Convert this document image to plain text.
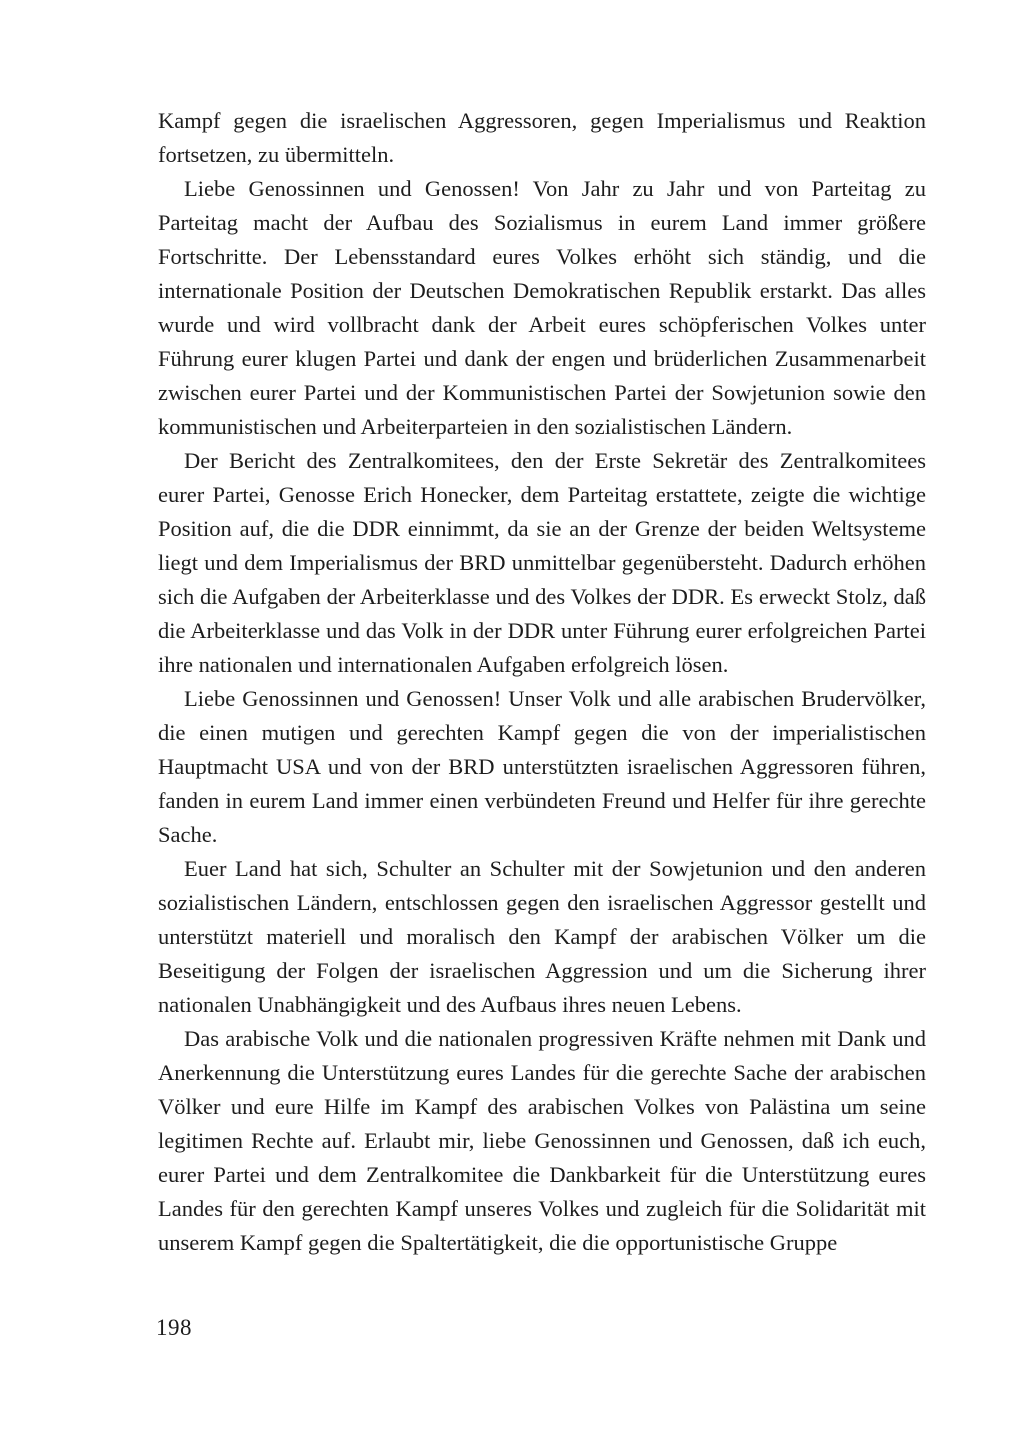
Kampf gegen die israelischen Aggressoren, gegen Imperialismus und Reaktion fortsetzen, zu übermitteln.

Liebe Genossinnen und Genossen! Von Jahr zu Jahr und von Parteitag zu Parteitag macht der Aufbau des Sozialismus in eurem Land immer größere Fortschritte. Der Lebensstandard eures Volkes erhöht sich ständig, und die internationale Position der Deutschen Demokratischen Republik erstarkt. Das alles wurde und wird vollbracht dank der Arbeit eures schöpferischen Volkes unter Führung eurer klugen Partei und dank der engen und brüderlichen Zusammenarbeit zwischen eurer Partei und der Kommunistischen Partei der Sowjetunion sowie den kommunistischen und Arbeiterparteien in den sozialistischen Ländern.

Der Bericht des Zentralkomitees, den der Erste Sekretär des Zentralkomitees eurer Partei, Genosse Erich Honecker, dem Parteitag erstattete, zeigte die wichtige Position auf, die die DDR einnimmt, da sie an der Grenze der beiden Weltsysteme liegt und dem Imperialismus der BRD unmittelbar gegenübersteht. Dadurch erhöhen sich die Aufgaben der Arbeiterklasse und des Volkes der DDR. Es erweckt Stolz, daß die Arbeiterklasse und das Volk in der DDR unter Führung eurer erfolgreichen Partei ihre nationalen und internationalen Aufgaben erfolgreich lösen.

Liebe Genossinnen und Genossen! Unser Volk und alle arabischen Brudervölker, die einen mutigen und gerechten Kampf gegen die von der imperialistischen Hauptmacht USA und von der BRD unterstützten israelischen Aggressoren führen, fanden in eurem Land immer einen verbündeten Freund und Helfer für ihre gerechte Sache.

Euer Land hat sich, Schulter an Schulter mit der Sowjetunion und den anderen sozialistischen Ländern, entschlossen gegen den israelischen Aggressor gestellt und unterstützt materiell und moralisch den Kampf der arabischen Völker um die Beseitigung der Folgen der israelischen Aggression und um die Sicherung ihrer nationalen Unabhängigkeit und des Aufbaus ihres neuen Lebens.

Das arabische Volk und die nationalen progressiven Kräfte nehmen mit Dank und Anerkennung die Unterstützung eures Landes für die gerechte Sache der arabischen Völker und eure Hilfe im Kampf des arabischen Volkes von Palästina um seine legitimen Rechte auf. Erlaubt mir, liebe Genossinnen und Genossen, daß ich euch, eurer Partei und dem Zentralkomitee die Dankbarkeit für die Unterstützung eures Landes für den gerechten Kampf unseres Volkes und zugleich für die Solidarität mit unserem Kampf gegen die Spaltertätigkeit, die die opportunistische Gruppe

198
